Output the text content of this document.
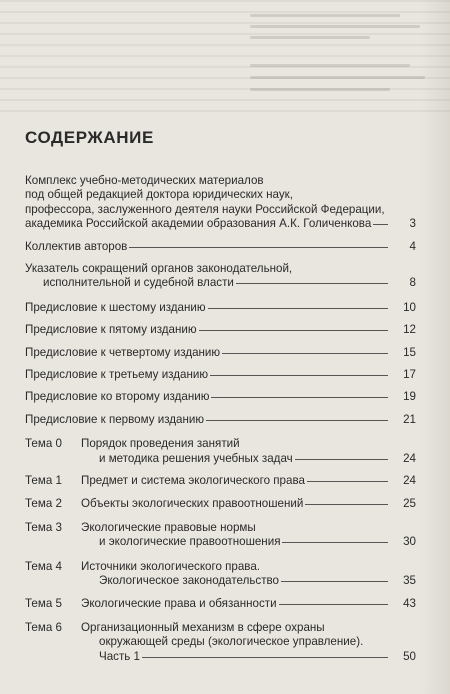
СОДЕРЖАНИЕ
Комплекс учебно-методических материалов
под общей редакцией доктора юридических наук,
профессора, заслуженного деятеля науки Российской Федерации,
академика Российской академии образования А.К. Голиченкова	3
Коллектив авторов	4
Указатель сокращений органов законодательной,
исполнительной и судебной власти	8
Предисловие к шестому изданию	10
Предисловие к пятому изданию	12
Предисловие к четвертому изданию	15
Предисловие к третьему изданию	17
Предисловие ко второму изданию	19
Предисловие к первому изданию	21
Тема 0	Порядок проведения занятий
и методика решения учебных задач	24
Тема 1	Предмет и система экологического права	24
Тема 2	Объекты экологических правоотношений	25
Тема 3	Экологические правовые нормы
и экологические правоотношения	30
Тема 4	Источники экологического права.
Экологическое законодательство	35
Тема 5	Экологические права и обязанности	43
Тема 6	Организационный механизм в сфере охраны
окружающей среды (экологическое управление).
Часть 1	50
